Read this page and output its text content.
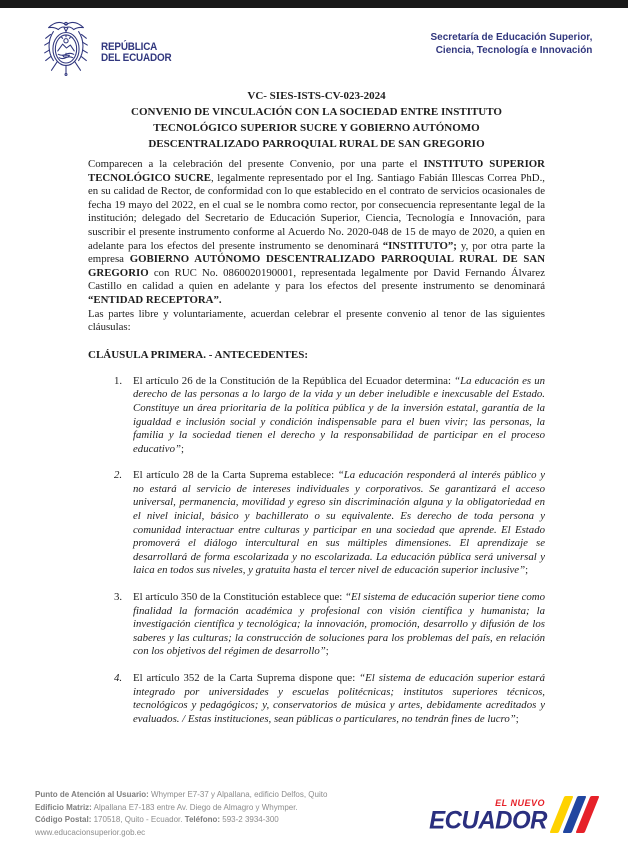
REPÚBLICA
DEL ECUADOR
Secretaría de Educación Superior,
Ciencia, Tecnología e Innovación
VC- SIES-ISTS-CV-023-2024
CONVENIO DE VINCULACIÓN CON LA SOCIEDAD ENTRE INSTITUTO
TECNOLÓGICO SUPERIOR SUCRE Y GOBIERNO AUTÓNOMO
DESCENTRALIZADO PARROQUIAL RURAL DE SAN GREGORIO

Comparecen a la celebración del presente Convenio, por una parte el INSTITUTO SUPERIOR TECNOLÓGICO SUCRE, legalmente representado por el Ing. Santiago Fabián Illescas Correa PhD., en su calidad de Rector, de conformidad con lo que establecido en el contrato de servicios ocasionales de fecha 19 mayo del 2022, en el cual se le nombra como rector, por consecuencia representante legal de la institución; delegado del Secretario de Educación Superior, Ciencia, Tecnología e Innovación, para suscribir el presente instrumento conforme al Acuerdo No. 2020-048 de 15 de mayo de 2020, a quien en adelante para los efectos del presente instrumento se denominará “INSTITUTO”; y, por otra parte la empresa GOBIERNO AUTÓNOMO DESCENTRALIZADO PARROQUIAL RURAL DE SAN GREGORIO con RUC No. 0860020190001, representada legalmente por David Fernando Álvarez Castillo en calidad a quien en adelante y para los efectos del presente instrumento se denominará “ENTIDAD RECEPTORA”.

Las partes libre y voluntariamente, acuerdan celebrar el presente convenio al tenor de las siguientes cláusulas:

CLÁUSULA PRIMERA. - ANTECEDENTES:
1.	El artículo 26 de la Constitución de la República del Ecuador determina: “La educación es un derecho de las personas a lo largo de la vida y un deber ineludible e inexcusable del Estado. Constituye un área prioritaria de la política pública y de la inversión estatal, garantía de la igualdad e inclusión social y condición indispensable para el buen vivir; las personas, la familia y la sociedad tienen el derecho y la responsabilidad de participar en el proceso educativo”;
2.	El artículo 28 de la Carta Suprema establece: “La educación responderá al interés público y no estará al servicio de intereses individuales y corporativos. Se garantizará el acceso universal, permanencia, movilidad y egreso sin discriminación alguna y la obligatoriedad en el nivel inicial, básico y bachillerato o su equivalente. Es derecho de toda persona y comunidad interactuar entre culturas y participar en una sociedad que aprende. El Estado promoverá el diálogo intercultural en sus múltiples dimensiones. El aprendizaje se desarrollará de forma escolarizada y no escolarizada. La educación pública será universal y laica en todos sus niveles, y gratuita hasta el tercer nivel de educación superior inclusive”;
3.	El artículo 350 de la Constitución establece que: “El sistema de educación superior tiene como finalidad la formación académica y profesional con visión científica y humanista; la investigación científica y tecnológica; la innovación, promoción, desarrollo y difusión de los saberes y las culturas; la construcción de soluciones para los problemas del país, en relación con los objetivos del régimen de desarrollo”;
4.	El artículo 352 de la Carta Suprema dispone que: “El sistema de educación superior estará integrado por universidades y escuelas politécnicas; institutos superiores técnicos, tecnológicos y pedagógicos; y, conservatorios de música y artes, debidamente acreditados y evaluados. / Estas instituciones, sean públicas o particulares, no tendrán fines de lucro”;
Punto de Atención al Usuario: Whymper E7-37 y Alpallana, edificio Delfos, Quito
Edificio Matriz: Alpallana E7-183 entre Av. Diego de Almagro y Whymper.
Código Postal: 170518, Quito - Ecuador. Teléfono: 593-2 3934-300
www.educacionsuperior.gob.ec
EL NUEVO
ECUADOR
